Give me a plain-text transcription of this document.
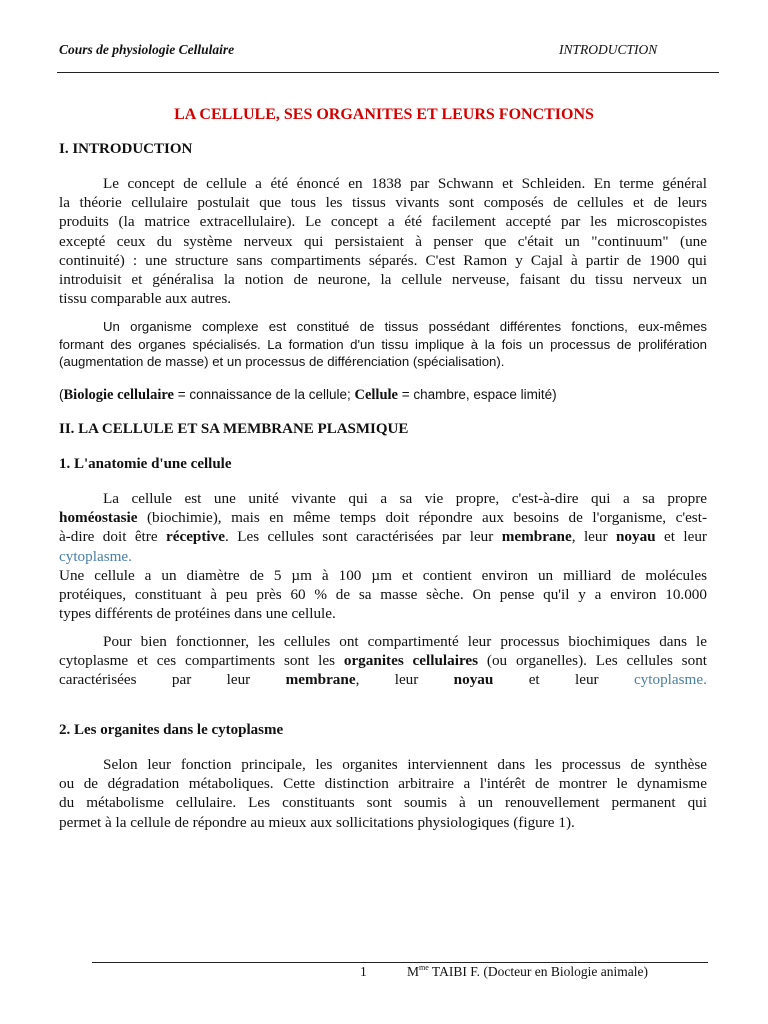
Cours de physiologie Cellulaire	INTRODUCTION
LA CELLULE, SES ORGANITES ET LEURS FONCTIONS
I. INTRODUCTION
Le concept de cellule a été énoncé en 1838 par Schwann et Schleiden. En terme général
la théorie cellulaire postulait que tous les tissus vivants sont composés de cellules et de leurs
produits (la matrice extracellulaire). Le concept a été facilement accepté par les microscopistes
excepté ceux du système nerveux qui persistaient à penser que c'était un "continuum" (une
continuité) : une structure sans compartiments séparés. C'est Ramon y Cajal à partir de 1900 qui
introduisit et généralisa la notion de neurone, la cellule nerveuse, faisant du tissu nerveux un
tissu comparable aux autres.
Un organisme complexe est constitué de tissus possédant différentes fonctions, eux-mêmes
formant des organes spécialisés. La formation d'un tissu implique à la fois un processus de prolifération
(augmentation de masse) et un processus de différenciation (spécialisation).
(Biologie cellulaire = connaissance de la cellule; Cellule = chambre, espace limité)
II. LA CELLULE ET SA MEMBRANE PLASMIQUE
1. L'anatomie d'une cellule
La cellule est une unité vivante qui a sa vie propre, c'est-à-dire qui a sa propre
homéostasie (biochimie), mais en même temps doit répondre aux besoins de l'organisme, c'est-
à-dire doit être réceptive. Les cellules sont caractérisées par leur membrane, leur noyau et leur
cytoplasme.
Une cellule a un diamètre de 5 µm à 100 µm et contient environ un milliard de molécules
protéiques, constituant à peu près 60 % de sa masse sèche. On pense qu'il y a environ 10.000
types différents de protéines dans une cellule.
Pour bien fonctionner, les cellules ont compartimenté leur processus biochimiques dans le
cytoplasme et ces compartiments sont les organites cellulaires (ou organelles). Les cellules sont
caractérisées par leur membrane, leur noyau et leur cytoplasme.
2. Les organites dans le cytoplasme
Selon leur fonction principale, les organites interviennent dans les processus de synthèse
ou de dégradation métaboliques. Cette distinction arbitraire a l'intérêt de montrer le dynamisme
du métabolisme cellulaire. Les constituants sont soumis à un renouvellement permanent qui
permet à la cellule de répondre au mieux aux sollicitations physiologiques (figure 1).
1	$M^{me}$ TAIBI F. (Docteur en Biologie animale)
